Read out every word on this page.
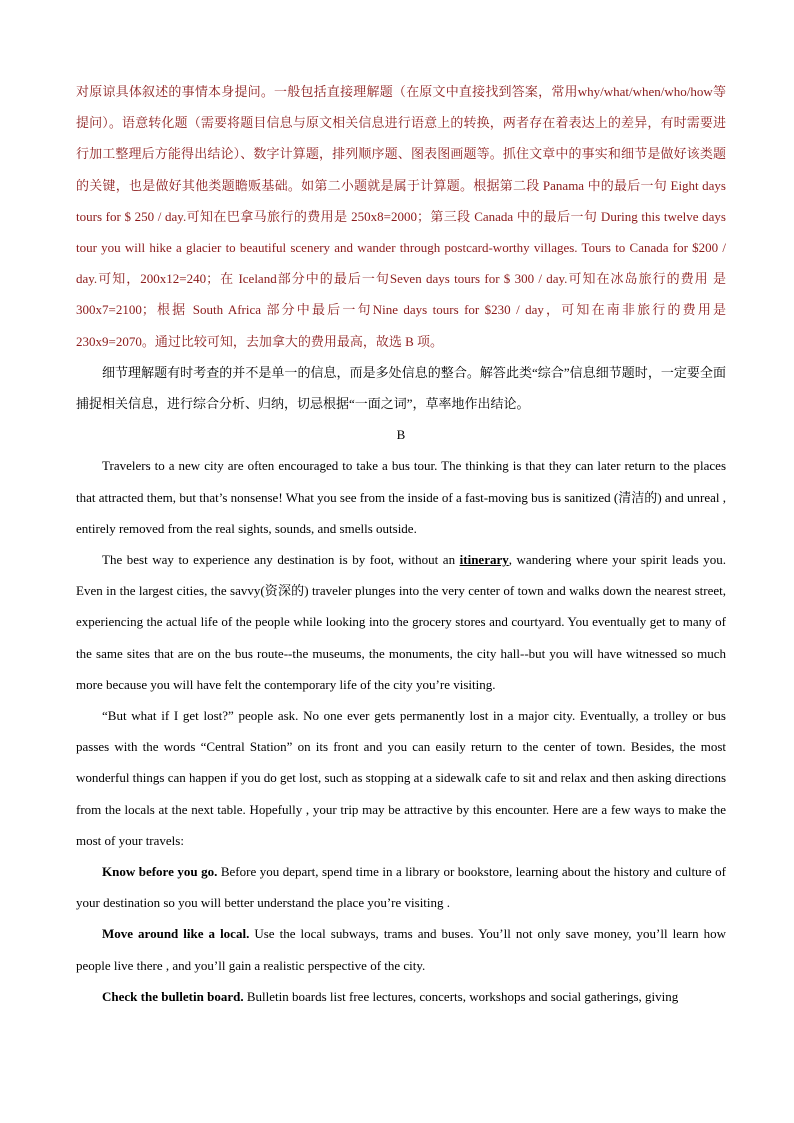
对原谅具体叙述的事情本身提问。一般包括直接理解题（在原文中直接找到答案，常用why/what/when/who/how等提问）。语意转化题（需要将题目信息与原文相关信息进行语意上的转换，两者存在着表达上的差异，有时需要进行加工整理后方能得出结论）、数字计算题，排列顺序题、图表图画题等。抓住文章中的事实和细节是做好该类题的关键，也是做好其他类题瞻贩基础。如第二小题就是属于计算题。根据第二段 Panama 中的最后一句 Eight days tours for $ 250 / day.可知在巴拿马旅行的费用是 250x8=2000；第三段 Canada 中的最后一句 During this twelve days tour you will hike a glacier to beautiful scenery and wander through postcard-worthy villages. Tours to Canada for $200 / day.可知，200x12=240；在 Iceland部分中的最后一句Seven days tours for $ 300 / day.可知在冰岛旅行的费用 是 300x7=2100；根据 South Africa 部分中最后一句Nine days tours for $230 / day，可知在南非旅行的费用是 230x9=2070。通过比较可知，去加拿大的费用最高，故选 B 项。

细节理解题有时考查的并不是单一的信息，而是多处信息的整合。解答此类“综合”信息细节题时，一定要全面捕捉相关信息，进行综合分析、归纳，切忌根据“一面之词”，草率地作出结论。

B

Travelers to a new city are often encouraged to take a bus tour. The thinking is that they can later return to the places that attracted them, but that’s nonsense! What you see from the inside of a fast-moving bus is sanitized (清洁的) and unreal , entirely removed from the real sights, sounds, and smells outside.

The best way to experience any destination is by foot, without an itinerary, wandering where your spirit leads you. Even in the largest cities, the savvy(资深的) traveler plunges into the very center of town and walks down the nearest street, experiencing the actual life of the people while looking into the grocery stores and courtyard. You eventually get to many of the same sites that are on the bus route--the museums, the monuments, the city hall--but you will have witnessed so much more because you will have felt the contemporary life of the city you’re visiting.

“But what if I get lost?” people ask. No one ever gets permanently lost in a major city. Eventually, a trolley or bus passes with the words “Central Station” on its front and you can easily return to the center of town. Besides, the most wonderful things can happen if you do get lost, such as stopping at a sidewalk cafe to sit and relax and then asking directions from the locals at the next table. Hopefully , your trip may be attractive by this encounter. Here are a few ways to make the most of your travels:

Know before you go. Before you depart, spend time in a library or bookstore, learning about the history and culture of your destination so you will better understand the place you’re visiting .

Move around like a local. Use the local subways, trams and buses. You’ll not only save money, you’ll learn how people live there , and you’ll gain a realistic perspective of the city.

Check the bulletin board. Bulletin boards list free lectures, concerts, workshops and social gatherings, giving
